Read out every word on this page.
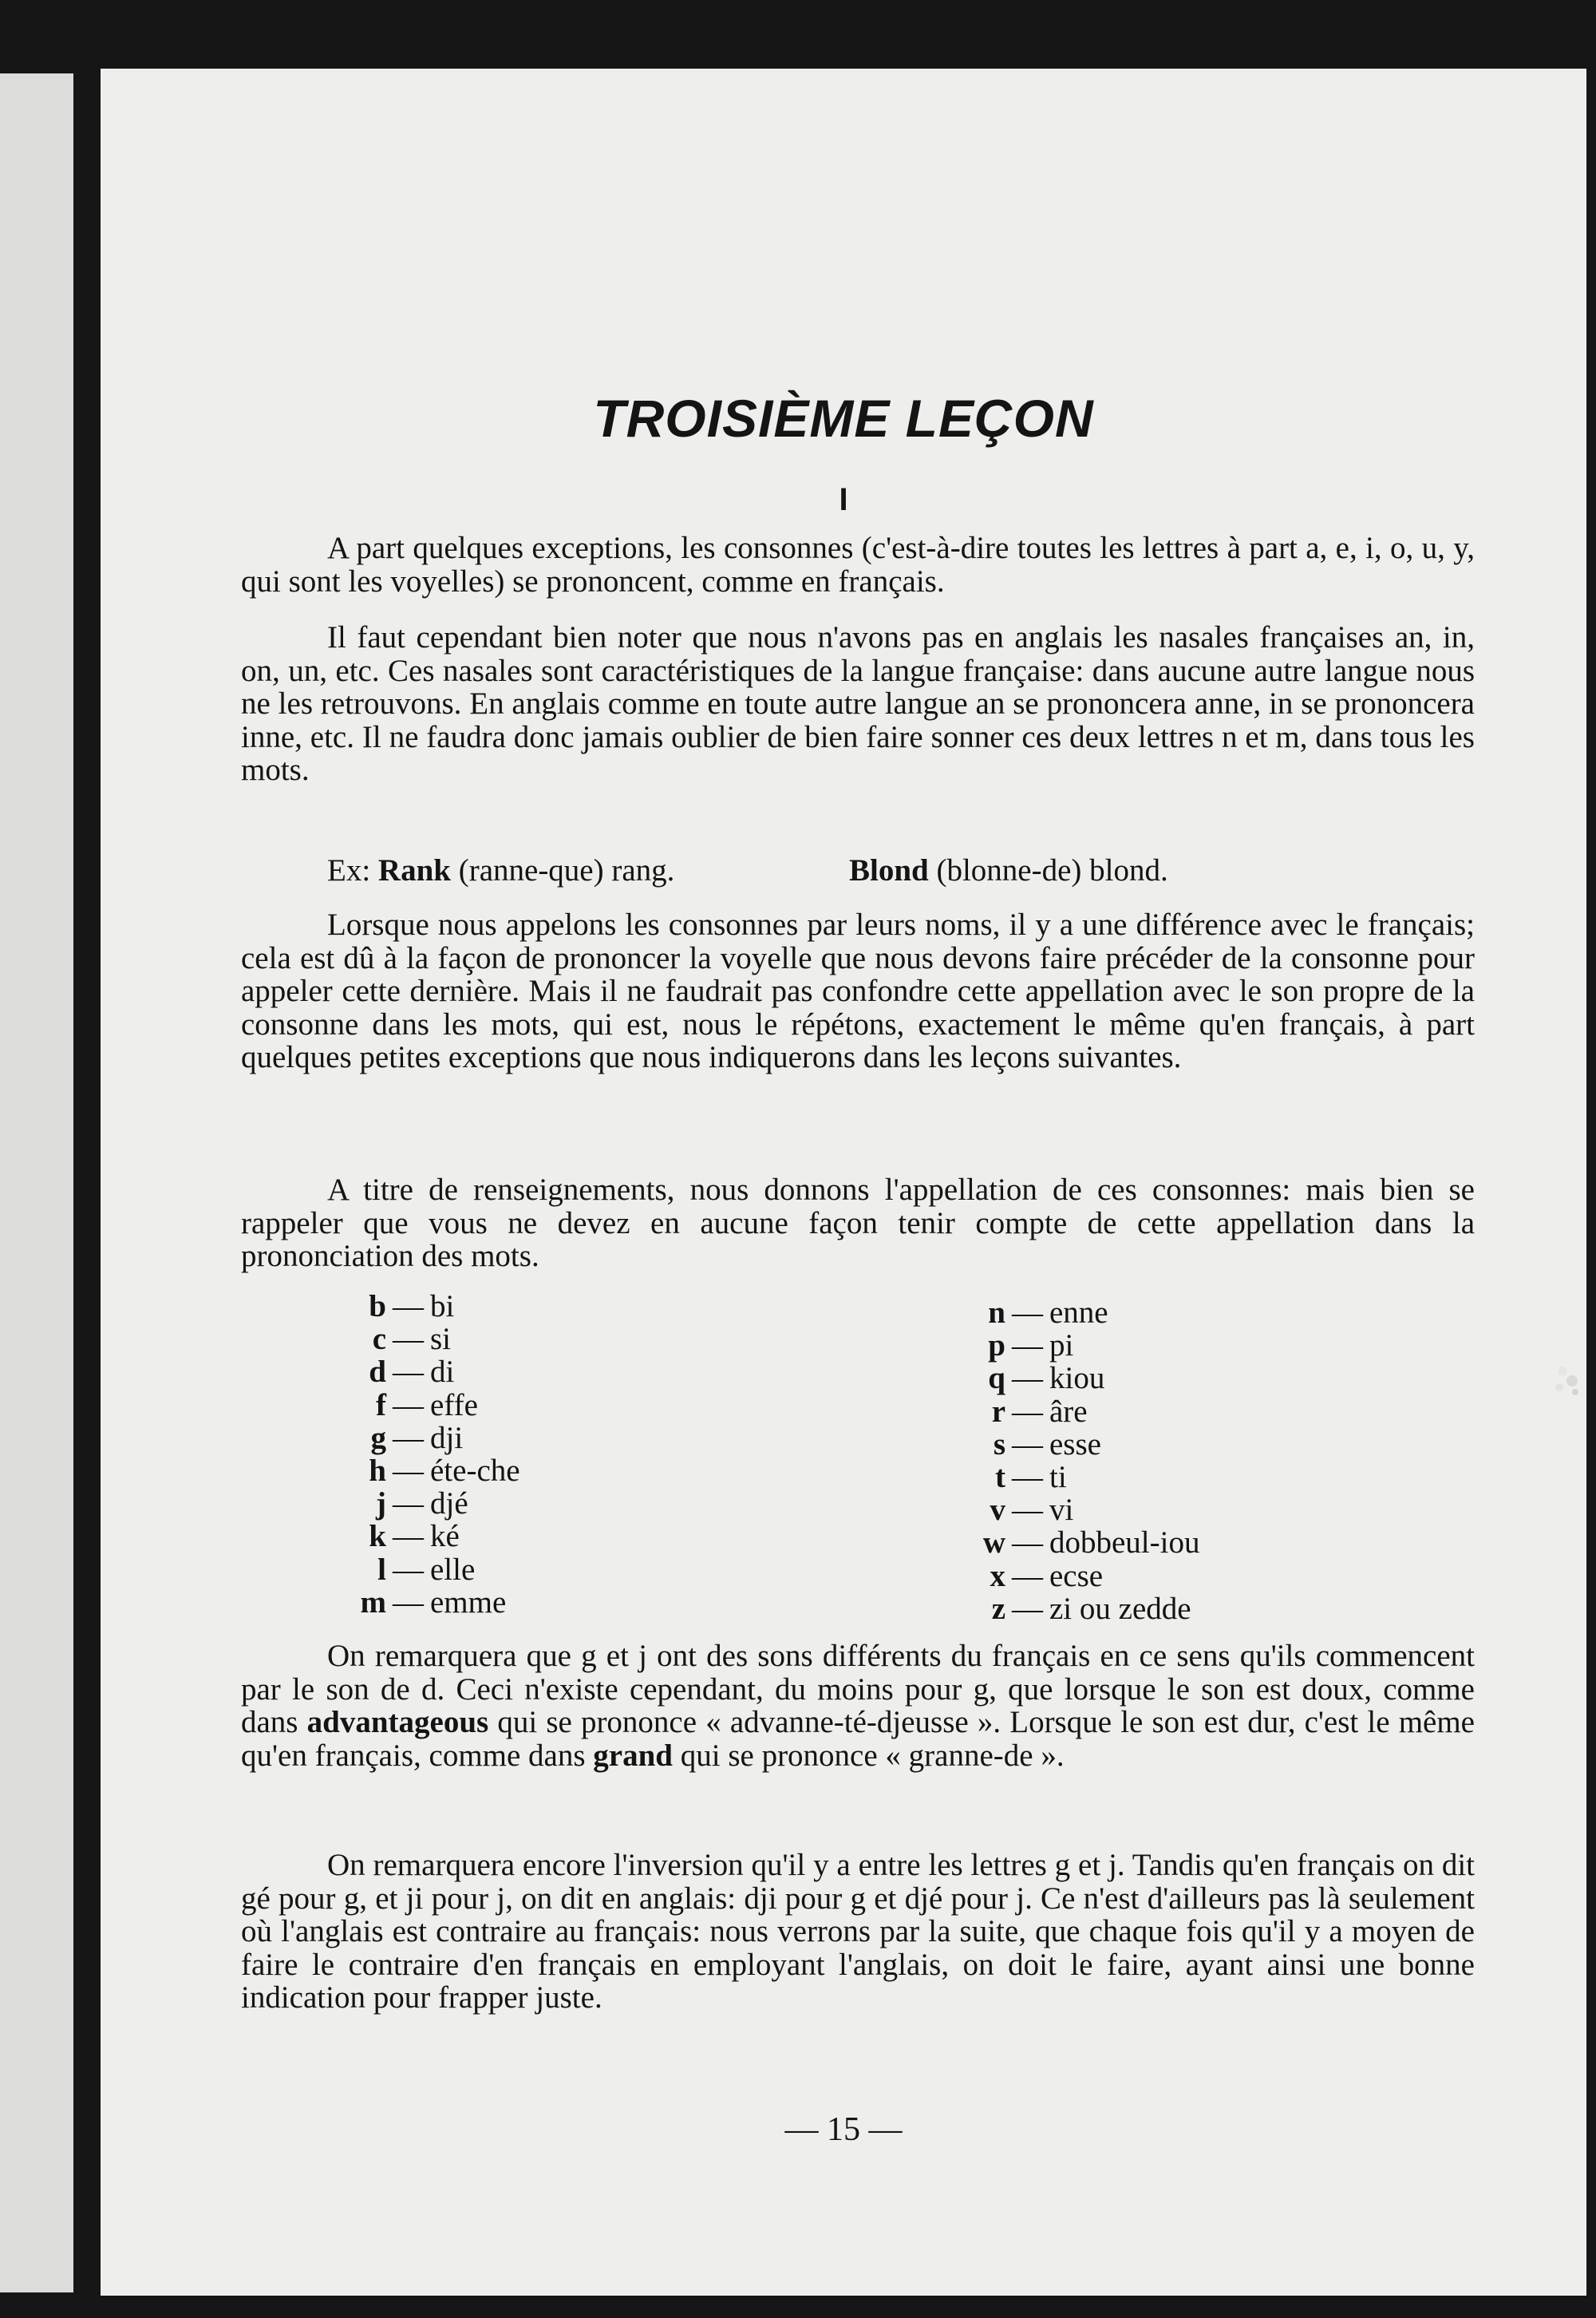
TROISIÈME LEÇON
I

A part quelques exceptions, les consonnes (c'est-à-dire toutes les lettres à part a, e, i, o, u, y, qui sont les voyelles) se prononcent, comme en français.

Il faut cependant bien noter que nous n'avons pas en anglais les nasales françaises an, in, on, un, etc. Ces nasales sont caractéristiques de la langue française: dans aucune autre langue nous ne les retrouvons. En anglais comme en toute autre langue an se prononcera anne, in se prononcera inne, etc. Il ne faudra donc jamais oublier de bien faire sonner ces deux lettres n et m, dans tous les mots.

Ex: Rank (ranne-que) rang.	Blond (blonne-de) blond.

Lorsque nous appelons les consonnes par leurs noms, il y a une différence avec le français; cela est dû à la façon de prononcer la voyelle que nous devons faire précéder de la consonne pour appeler cette dernière. Mais il ne faudrait pas confondre cette appellation avec le son propre de la consonne dans les mots, qui est, nous le répétons, exactement le même qu'en français, à part quelques petites exceptions que nous indiquerons dans les leçons suivantes.

A titre de renseignements, nous donnons l'appellation de ces consonnes: mais bien se rappeler que vous ne devez en aucune façon tenir compte de cette appellation dans la prononciation des mots.

b — bi
c — si
d — di
f — effe
g — dji
h — éte-che
j — djé
k — ké
l — elle
m — emme
n — enne
p — pi
q — kiou
r — âre
s — esse
t — ti
v — vi
w — dobbeul-iou
x — ecse
z — zi ou zedde

On remarquera que g et j ont des sons différents du français en ce sens qu'ils commencent par le son de d. Ceci n'existe cependant, du moins pour g, que lorsque le son est doux, comme dans advantageous qui se prononce « advanne-té-djeusse ». Lorsque le son est dur, c'est le même qu'en français, comme dans grand qui se prononce « granne-de ».

On remarquera encore l'inversion qu'il y a entre les lettres g et j. Tandis qu'en français on dit gé pour g, et ji pour j, on dit en anglais: dji pour g et djé pour j. Ce n'est d'ailleurs pas là seulement où l'anglais est contraire au français: nous verrons par la suite, que chaque fois qu'il y a moyen de faire le contraire d'en français en employant l'anglais, on doit le faire, ayant ainsi une bonne indication pour frapper juste.

— 15 —
